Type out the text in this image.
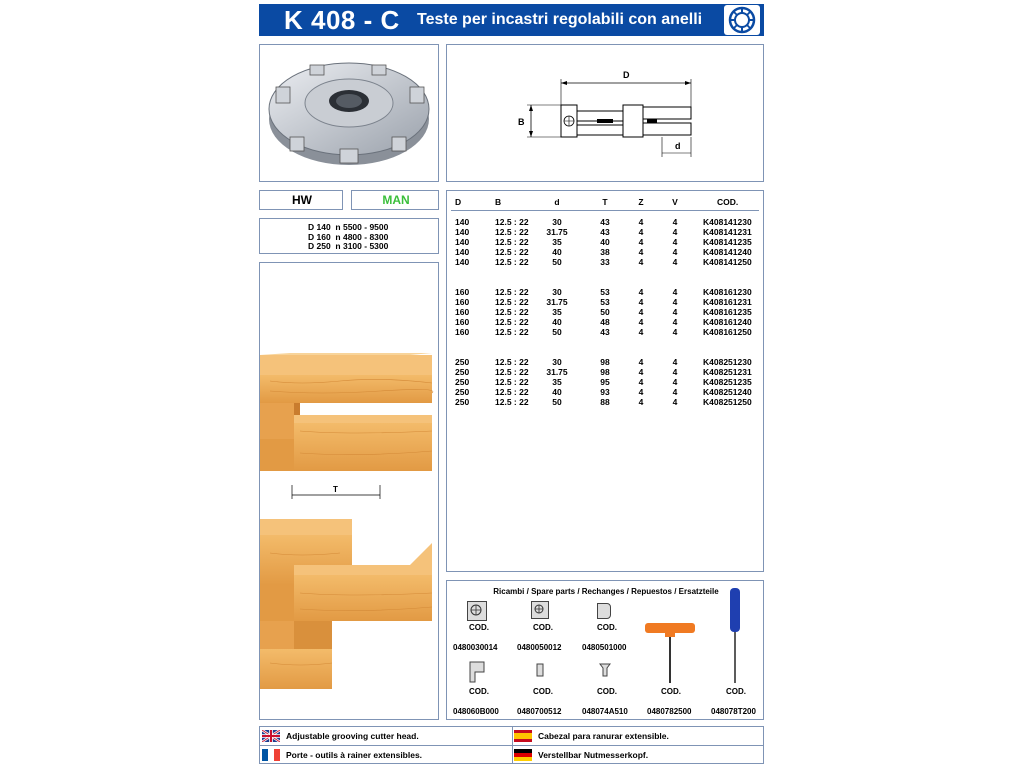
K 408 - C Teste per incastri regolabili con anelli
D
B
d
HW	MAN
D 140 n 5500 - 9500
D 160 n 4800 - 8300
D 250 n 3100 - 5300
T
D	B	d	T	Z	V	COD.
140	12.5 : 22	30	43	4	4	K408141230
140	12.5 : 22	31.75	43	4	4	K408141231
140	12.5 : 22	35	40	4	4	K408141235
140	12.5 : 22	40	38	4	4	K408141240
140	12.5 : 22	50	33	4	4	K408141250
160	12.5 : 22	30	53	4	4	K408161230
160	12.5 : 22	31.75	53	4	4	K408161231
160	12.5 : 22	35	50	4	4	K408161235
160	12.5 : 22	40	48	4	4	K408161240
160	12.5 : 22	50	43	4	4	K408161250
250	12.5 : 22	30	98	4	4	K408251230
250	12.5 : 22	31.75	98	4	4	K408251231
250	12.5 : 22	35	95	4	4	K408251235
250	12.5 : 22	40	93	4	4	K408251240
250	12.5 : 22	50	88	4	4	K408251250
Ricambi / Spare parts / Rechanges / Repuestos / Ersatzteile
COD.	COD.	COD.
0480030014 0480050012	0480501000
COD.	COD.	COD.	COD.	COD.
048060B000 0480700512	048074A510 0480782500 048078T200
Adjustable grooving cutter head.	Cabezal para ranurar extensible.
Porte - outils à rainer extensibles.	Verstellbar Nutmesserkopf.
